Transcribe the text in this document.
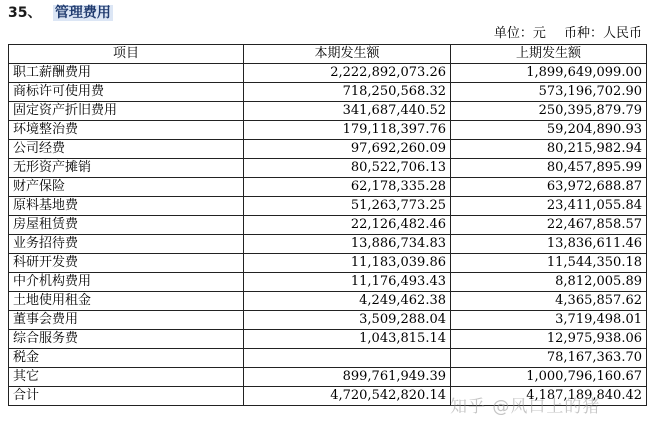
35、 管理费用
单位：元 币种：人民币
项目	本期发生额	上期发生额
职工薪酬费用	2,222,892,073.26	1,899,649,099.00
商标许可使用费	718,250,568.32	573,196,702.90
固定资产折旧费用	341,687,440.52	250,395,879.79
环境整治费	179,118,397.76	59,204,890.93
公司经费	97,692,260.09	80,215,982.94
无形资产摊销	80,522,706.13	80,457,895.99
财产保险	62,178,335.28	63,972,688.87
原料基地费	51,263,773.25	23,411,055.84
房屋租赁费	22,126,482.46	22,467,858.57
业务招待费	13,886,734.83	13,836,611.46
科研开发费	11,183,039.86	11,544,350.18
中介机构费用	11,176,493.43	8,812,005.89
土地使用租金	4,249,462.38	4,365,857.62
董事会费用	3,509,288.04	3,719,498.01
综合服务费	1,043,815.14	12,975,938.06
税金		78,167,363.70
其它	899,761,949.39	1,000,796,160.67
合计	4,720,542,820.14	4,187,189,840.42
知乎 @风口上的猪
